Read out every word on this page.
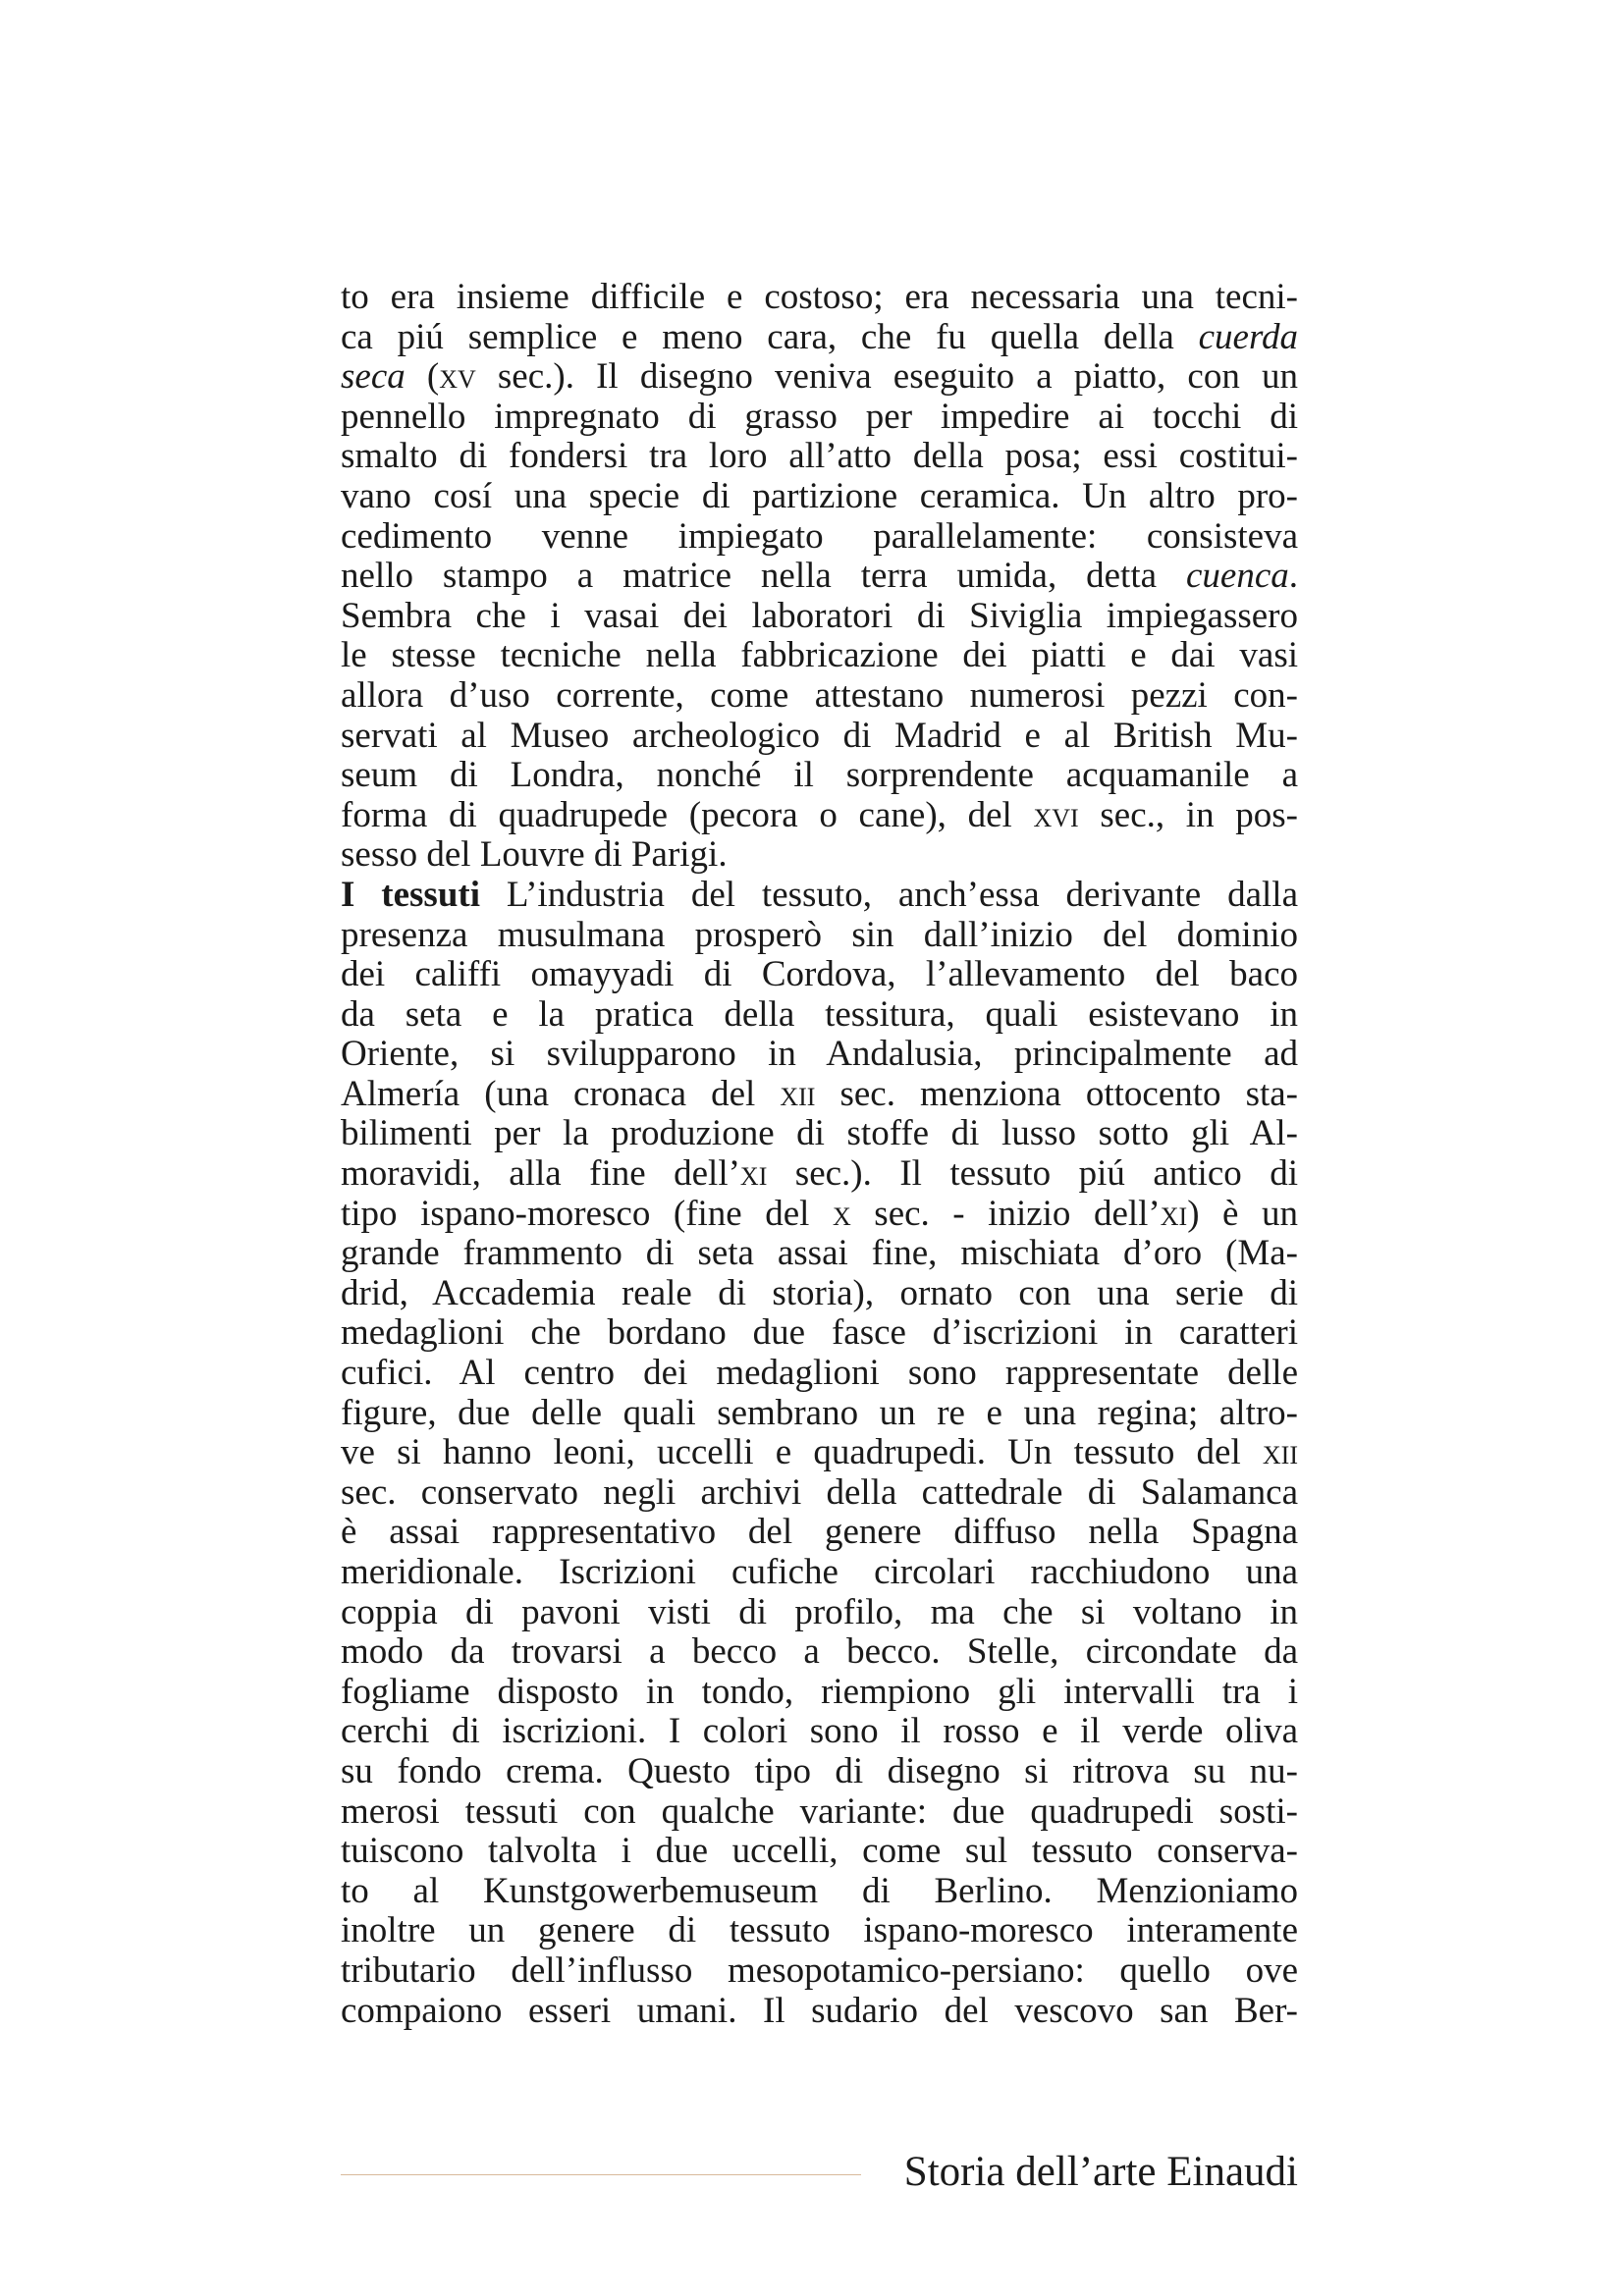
to era insieme difficile e costoso; era necessaria una tecni-
ca piú semplice e meno cara, che fu quella della cuerda
seca (xv sec.). Il disegno veniva eseguito a piatto, con un
pennello impregnato di grasso per impedire ai tocchi di
smalto di fondersi tra loro all’atto della posa; essi costitui-
vano cosí una specie di partizione ceramica. Un altro pro-
cedimento venne impiegato parallelamente: consisteva
nello stampo a matrice nella terra umida, detta cuenca.
Sembra che i vasai dei laboratori di Siviglia impiegassero
le stesse tecniche nella fabbricazione dei piatti e dai vasi
allora d’uso corrente, come attestano numerosi pezzi con-
servati al Museo archeologico di Madrid e al British Mu-
seum di Londra, nonché il sorprendente acquamanile a
forma di quadrupede (pecora o cane), del xvi sec., in pos-
sesso del Louvre di Parigi.
I tessuti L’industria del tessuto, anch’essa derivante dalla
presenza musulmana prosperò sin dall’inizio del dominio
dei califfi omayyadi di Cordova, l’allevamento del baco
da seta e la pratica della tessitura, quali esistevano in
Oriente, si svilupparono in Andalusia, principalmente ad
Almería (una cronaca del xii sec. menziona ottocento sta-
bilimenti per la produzione di stoffe di lusso sotto gli Al-
moravidi, alla fine dell’xi sec.). Il tessuto piú antico di
tipo ispano-moresco (fine del x sec. - inizio dell’xi) è un
grande frammento di seta assai fine, mischiata d’oro (Ma-
drid, Accademia reale di storia), ornato con una serie di
medaglioni che bordano due fasce d’iscrizioni in caratteri
cufici. Al centro dei medaglioni sono rappresentate delle
figure, due delle quali sembrano un re e una regina; altro-
ve si hanno leoni, uccelli e quadrupedi. Un tessuto del xii
sec. conservato negli archivi della cattedrale di Salamanca
è assai rappresentativo del genere diffuso nella Spagna
meridionale. Iscrizioni cufiche circolari racchiudono una
coppia di pavoni visti di profilo, ma che si voltano in
modo da trovarsi a becco a becco. Stelle, circondate da
fogliame disposto in tondo, riempiono gli intervalli tra i
cerchi di iscrizioni. I colori sono il rosso e il verde oliva
su fondo crema. Questo tipo di disegno si ritrova su nu-
merosi tessuti con qualche variante: due quadrupedi sosti-
tuiscono talvolta i due uccelli, come sul tessuto conserva-
to al Kunstgowerbemuseum di Berlino. Menzioniamo
inoltre un genere di tessuto ispano-moresco interamente
tributario dell’influsso mesopotamico-persiano: quello ove
compaiono esseri umani. Il sudario del vescovo san Ber-
Storia dell’arte Einaudi
